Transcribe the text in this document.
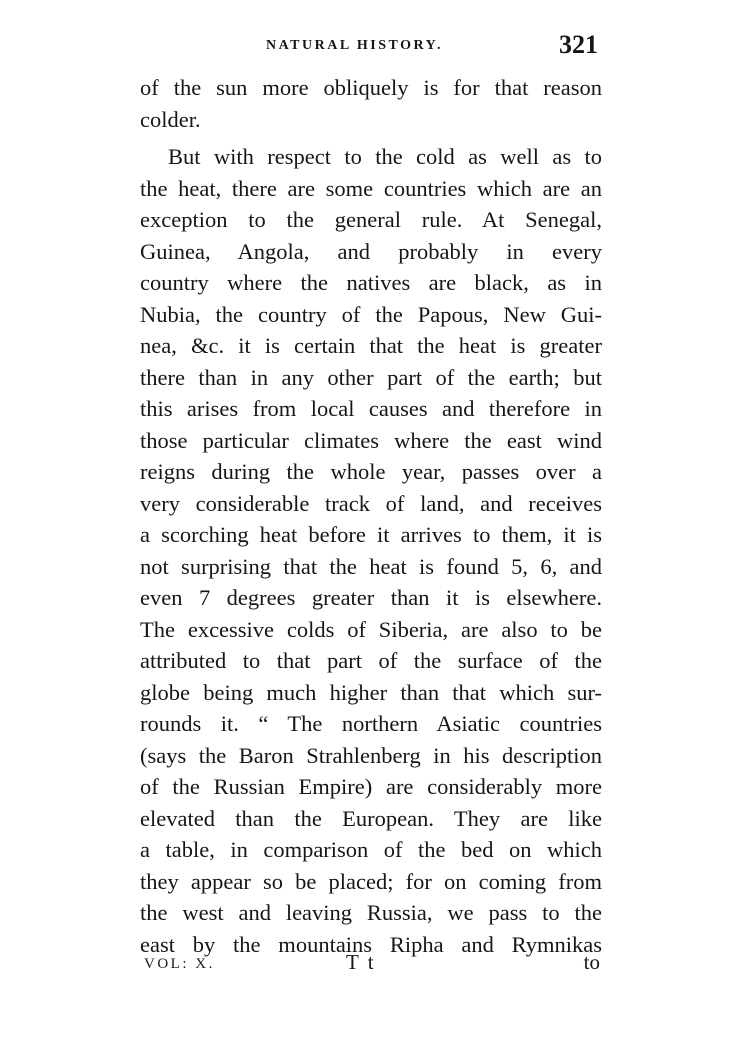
NATURAL HISTORY.	321
of the sun more obliquely is for that reason
colder.
But with respect to the cold as well as to
the heat, there are some countries which are an
exception to the general rule. At Senegal,
Guinea, Angola, and probably in every
country where the natives are black, as in
Nubia, the country of the Papous, New Gui-
nea, &c. it is certain that the heat is greater
there than in any other part of the earth; but
this arises from local causes and therefore in
those particular climates where the east wind
reigns during the whole year, passes over a
very considerable track of land, and receives
a scorching heat before it arrives to them, it is
not surprising that the heat is found 5, 6, and
even 7 degrees greater than it is elsewhere.
The excessive colds of Siberia, are also to be
attributed to that part of the surface of the
globe being much higher than that which sur-
rounds it. “ The northern Asiatic countries
(says the Baron Strahlenberg in his description
of the Russian Empire) are considerably more
elevated than the European. They are like
a table, in comparison of the bed on which
they appear so be placed; for on coming from
the west and leaving Russia, we pass to the
east by the mountains Ripha and Rymnikas
VOL: X.	T t	to
